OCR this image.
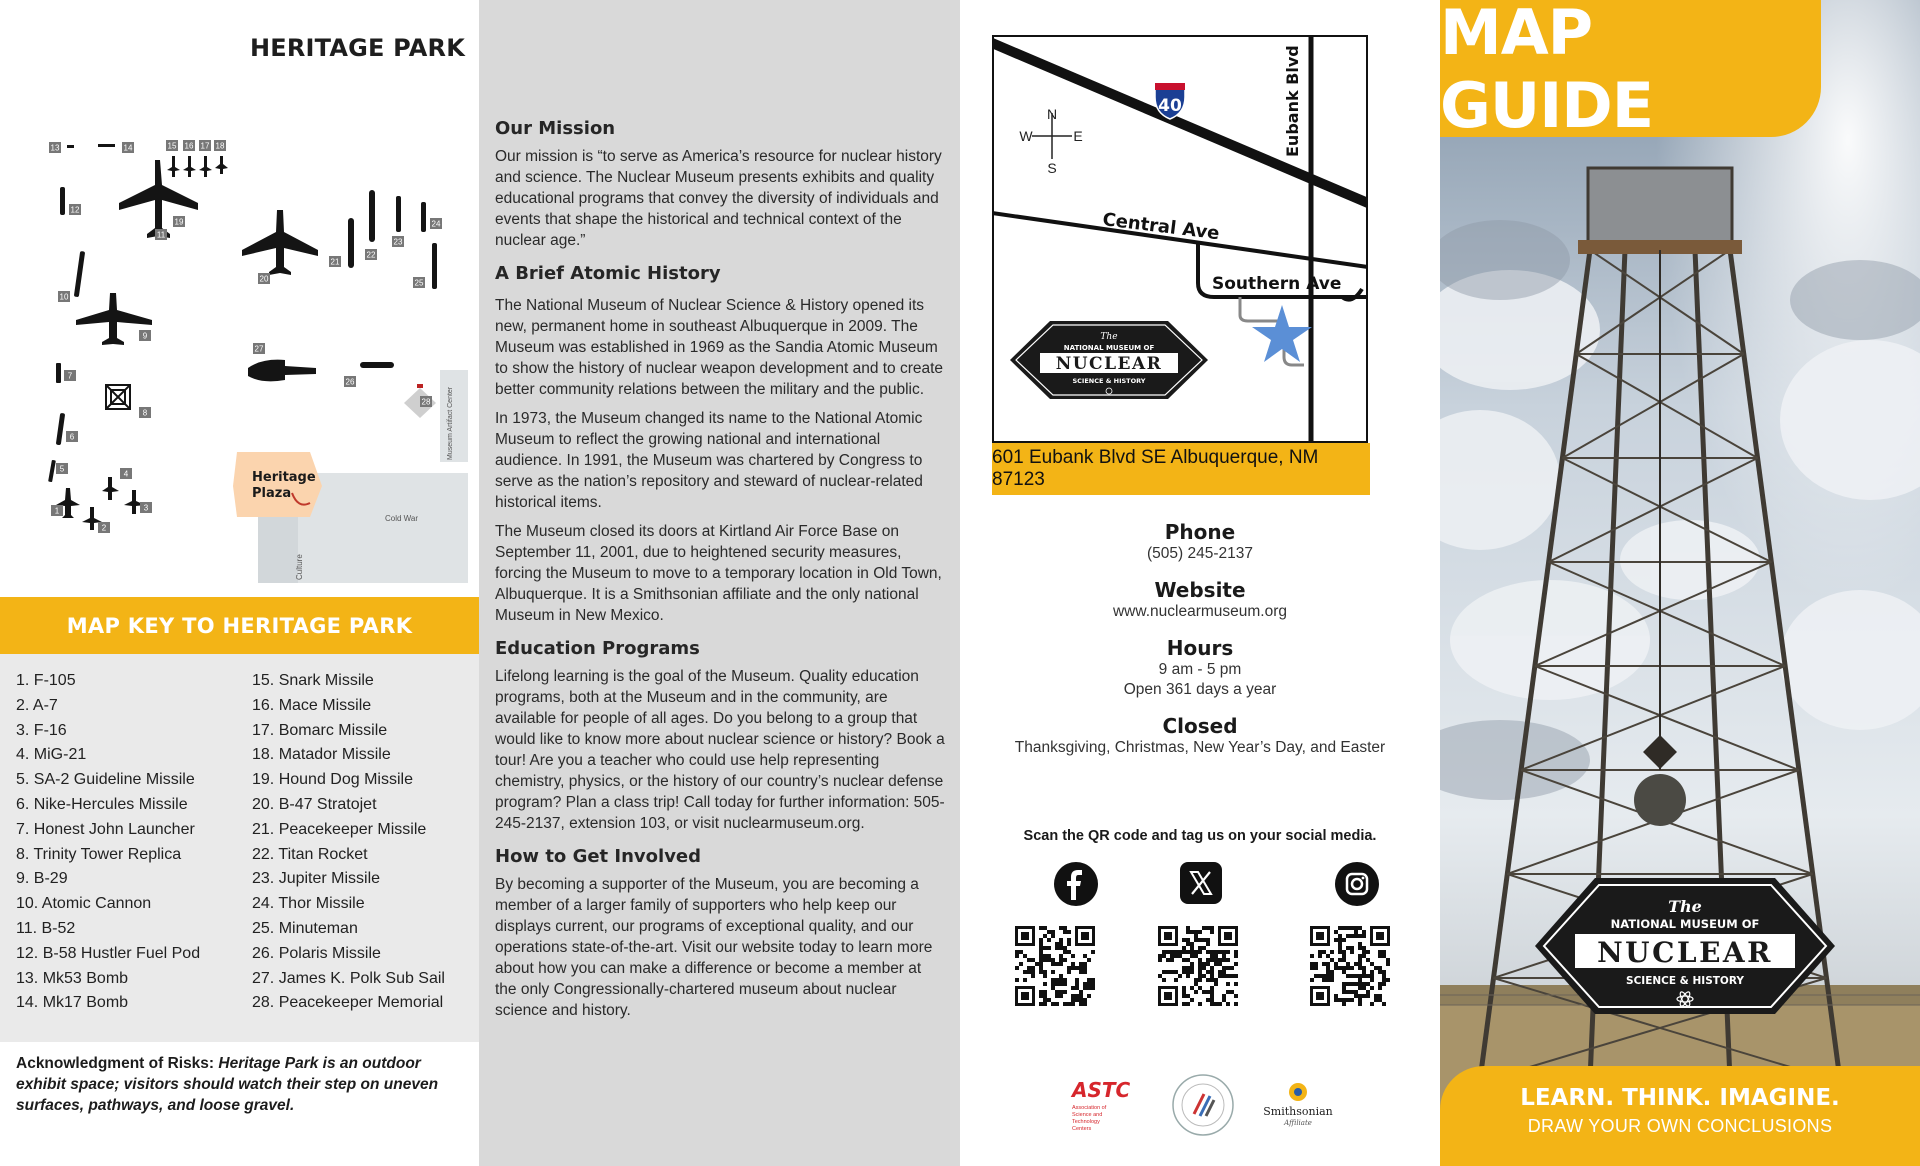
HERITAGE PARK
Cold War
Culture
Museum Artifact Center
Heritage
Plaza
1
2
3
4
5
6
7
8
9
10
11
12
13	14	15 16 17 18
19
20
21
22
23
24
25
26
27
28
MAP KEY TO HERITAGE PARK
1. F-105
2. A-7
3. F-16
4. MiG-21
5. SA-2 Guideline Missile
6. Nike-Hercules Missile
7. Honest John Launcher
8. Trinity Tower Replica
9. B-29
10. Atomic Cannon
11. B-52
12. B-58 Hustler Fuel Pod
13. Mk53 Bomb
14. Mk17 Bomb
15. Snark Missile
16. Mace Missile
17. Bomarc Missile
18. Matador Missile
19. Hound Dog Missile
20. B-47 Stratojet
21. Peacekeeper Missile
22. Titan Rocket
23. Jupiter Missile
24. Thor Missile
25. Minuteman
26. Polaris Missile
27. James K. Polk Sub Sail
28. Peacekeeper Memorial

Acknowledgment of Risks: Heritage Park is an outdoor exhibit space; visitors should watch their step on uneven surfaces, pathways, and loose gravel.

Our Mission

Our mission is “to serve as America’s resource for nuclear history and science. The Nuclear Museum presents exhibits and quality educational programs that convey the diversity of individuals and events that shape the historical and technical context of the nuclear age.”

A Brief Atomic History

The National Museum of Nuclear Science & History opened its new, permanent home in southeast Albuquerque in 2009. The Museum was established in 1969 as the Sandia Atomic Museum to show the history of nuclear weapon development and to create better community relations between the military and the public.

In 1973, the Museum changed its name to the National Atomic Museum to reflect the growing national and international audience. In 1991, the Museum was chartered by Congress to serve as the nation’s repository and steward of nuclear-related historical items.

The Museum closed its doors at Kirtland Air Force Base on September 11, 2001, due to heightened security measures, forcing the Museum to move to a temporary location in Old Town, Albuquerque. It is a Smithsonian affiliate and the only national Museum in New Mexico.

Education Programs

Lifelong learning is the goal of the Museum. Quality education programs, both at the Museum and in the community, are available for people of all ages. Do you belong to a group that would like to know more about nuclear science or history? Book a tour! Are you a teacher who could use help representing chemistry, physics, or the history of our country’s nuclear defense program? Plan a class trip! Call today for further information: 505-245-2137, extension 103, or visit nuclearmuseum.org.

How to Get Involved

By becoming a supporter of the Museum, you are becoming a member of a larger family of supporters who help keep our displays current, our programs of exceptional quality, and our operations state-of-the-art. Visit our website today to learn more about how you can make a difference or become a member at the only Congressionally-chartered museum about nuclear science and history.

40	Eubank Blvd
Central Ave
Southern Ave
N
S
E
W
The
NATIONAL MUSEUM OF
NUCLEAR
SCIENCE & HISTORY
601 Eubank Blvd SE Albuquerque, NM 87123
Phone
(505) 245-2137
Website
www.nuclearmuseum.org
Hours
9 am - 5 pm
Open 361 days a year
Closed
Thanksgiving, Christmas, New Year’s Day, and Easter
Scan the QR code and tag us on your social media.
ASTC
Association of
Science and
Technology
Centers
Smithsonian
Affiliate
MAP GUIDE
The
NATIONAL MUSEUM OF
NUCLEAR
SCIENCE & HISTORY
LEARN. THINK. IMAGINE.
DRAW YOUR OWN CONCLUSIONS
